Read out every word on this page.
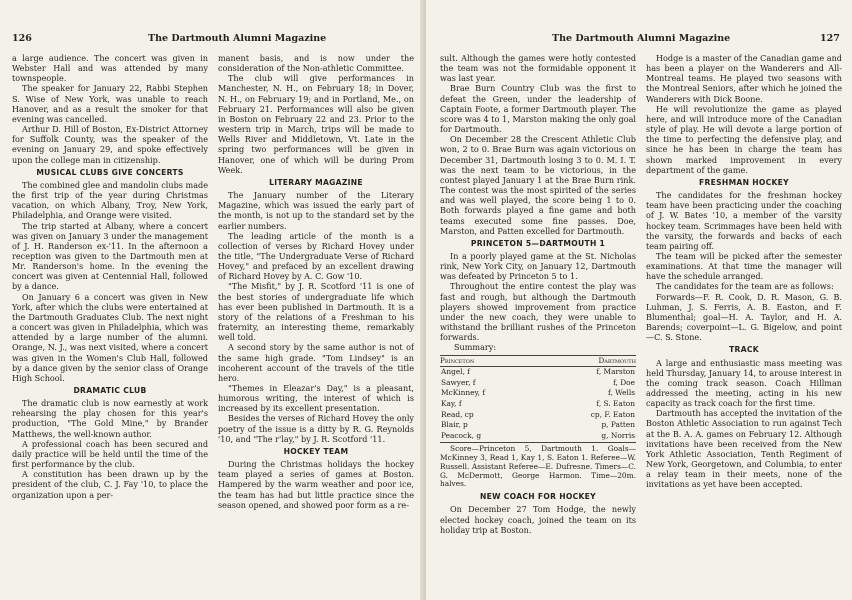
126	The Dartmouth Alumni Magazine

a large audience. The concert was given in Webster Hall and was attended by many townspeople.

The speaker for January 22, Rabbi Stephen S. Wise of New York, was unable to reach Hanover, and as a result the smoker for that evening was cancelled.

Arthur D. Hill of Boston, Ex-District Attorney for Suffolk County, was the speaker of the evening on January 29, and spoke effectively upon the college man in citizenship.

MUSICAL CLUBS GIVE CONCERTS

The combined glee and mandolin clubs made the first trip of the year during Christmas vacation, on which Albany, Troy, New York, Philadelphia, and Orange were visited.

The trip started at Albany, where a concert was given on January 3 under the management of J. H. Randerson ex-'11. In the afternoon a reception was given to the Dartmouth men at Mr. Randerson's home. In the evening the concert was given at Centennial Hall, followed by a dance.

On January 6 a concert was given in New York, after which the clubs were entertained at the Dartmouth Graduates Club. The next night a concert was given in Philadelphia, which was attended by a large number of the alumni. Orange, N. J., was next visited, where a concert was given in the Women's Club Hall, followed by a dance given by the senior class of Orange High School.

DRAMATIC CLUB

The dramatic club is now earnestly at work rehearsing the play chosen for this year's production, "The Gold Mine," by Brander Matthews, the well-known author.

A professional coach has been secured and daily practice will be held until the time of the first performance by the club.

A constitution has been drawn up by the president of the club, C. J. Fay '10, to place the organization upon a per-

manent basis, and is now under the consideration of the Non-athletic Committee.

The club will give performances in Manchester, N. H., on February 18; in Dover, N. H., on February 19; and in Portland, Me., on February 21. Performances will also be given in Boston on February 22 and 23. Prior to the western trip in March, trips will be made to Wells River and Middletown, Vt. Late in the spring two performances will be given in Hanover, one of which will be during Prom Week.

LITERARY MAGAZINE

The January number of the Literary Magazine, which was issued the early part of the month, is not up to the standard set by the earlier numbers.

The leading article of the month is a collection of verses by Richard Hovey under the title, "The Undergraduate Verse of Richard Hovey," and prefaced by an excellent drawing of Richard Hovey by A. C. Gow '10.

"The Misfit," by J. R. Scotford '11 is one of the best stories of undergraduate life which has ever been published in Dartmouth. It is a story of the relations of a Freshman to his fraternity, an interesting theme, remarkably well told.

A second story by the same author is not of the same high grade. "Tom Lindsey" is an incoherent account of the travels of the title hero.

"Themes in Eleazar's Day," is a pleasant, humorous writing, the interest of which is increased by its excellent presentation.

Besides the verses of Richard Hovey the only poetry of the issue is a ditty by R. G. Reynolds '10, and "The r'lay," by J. R. Scotford '11.

HOCKEY TEAM

During the Christmas holidays the hockey team played a series of games at Boston. Hampered by the warm weather and poor ice, the team has had but little practice since the season opened, and showed poor form as a re-

The Dartmouth Alumni Magazine	127

sult. Although the games were hotly contested the team was not the formidable opponent it was last year.

Brae Burn Country Club was the first to defeat the Green, under the leadership of Captain Foote, a former Dartmouth player. The score was 4 to 1, Marston making the only goal for Dartmouth.

On December 28 the Crescent Athletic Club won, 2 to 0. Brae Burn was again victorious on December 31, Dartmouth losing 3 to 0. M. I. T. was the next team to be victorious, in the contest played January 1 at the Brae Burn rink. The contest was the most spirited of the series and was well played, the score being 1 to 0. Both forwards played a fine game and both teams executed some fine passes. Doe, Marston, and Patten excelled for Dartmouth.

PRINCETON 5—DARTMOUTH 1

In a poorly played game at the St. Nicholas rink, New York City, on January 12, Dartmouth was defeated by Princeton 5 to 1.

Throughout the entire contest the play was fast and rough, but although the Dartmouth players showed improvement from practice under the new coach, they were unable to withstand the brilliant rushes of the Princeton forwards.

Summary:

Princeton	Dartmouth
Angel, f	f, Marston
Sawyer, f	f, Doe
McKinney, f	f, Wells
Kay, f	f, S. Eaton
Read, cp	cp, F. Eaton
Blair, p	p, Patten
Peacock, g	g, Norris

Score—Princeton 5, Dartmouth 1. Goals—McKinney 3, Read 1, Kay 1, S. Eaton 1. Referee—W. Russell. Assistant Referee—E. Dufresne. Timers—C. G. McDermott, George Harmon. Time—20m. halves.

NEW COACH FOR HOCKEY

On December 27 Tom Hodge, the newly elected hockey coach, joined the team on its holiday trip at Boston.

Hodge is a master of the Canadian game and has been a player on the Wanderers and All-Montreal teams. He played two seasons with the Montreal Seniors, after which he joined the Wanderers with Dick Boone.

He will revolutionize the game as played here, and will introduce more of the Canadian style of play. He will devote a large portion of the time to perfecting the defensive play, and since he has been in charge the team has shown marked improvement in every department of the game.

FRESHMAN HOCKEY

The candidates for the freshman hockey team have been practicing under the coaching of J. W. Bates '10, a member of the varsity hockey team. Scrimmages have been held with the varsity, the forwards and backs of each team pairing off.

The team will be picked after the semester examinations. At that time the manager will have the schedule arranged.

The candidates for the team are as follows:

Forwards—F. R. Cook, D. R. Mason, G. B. Luhman, J. S. Ferris, A. B. Easton, and F. Blumenthal; goal—H. A. Taylor, and H. A. Barends; coverpoint—L. G. Bigelow, and point—C. S. Stone.

TRACK

A large and enthusiastic mass meeting was held Thursday, January 14, to arouse interest in the coming track season. Coach Hillman addressed the meeting, acting in his new capacity as track coach for the first time.

Dartmouth has accepted the invitation of the Boston Athletic Association to run against Tech at the B. A. A. games on February 12. Although invitations have been received from the New York Athletic Association, Tenth Regiment of New York, Georgetown, and Columbia, to enter a relay team in their meets, none of the invitations as yet have been accepted.
